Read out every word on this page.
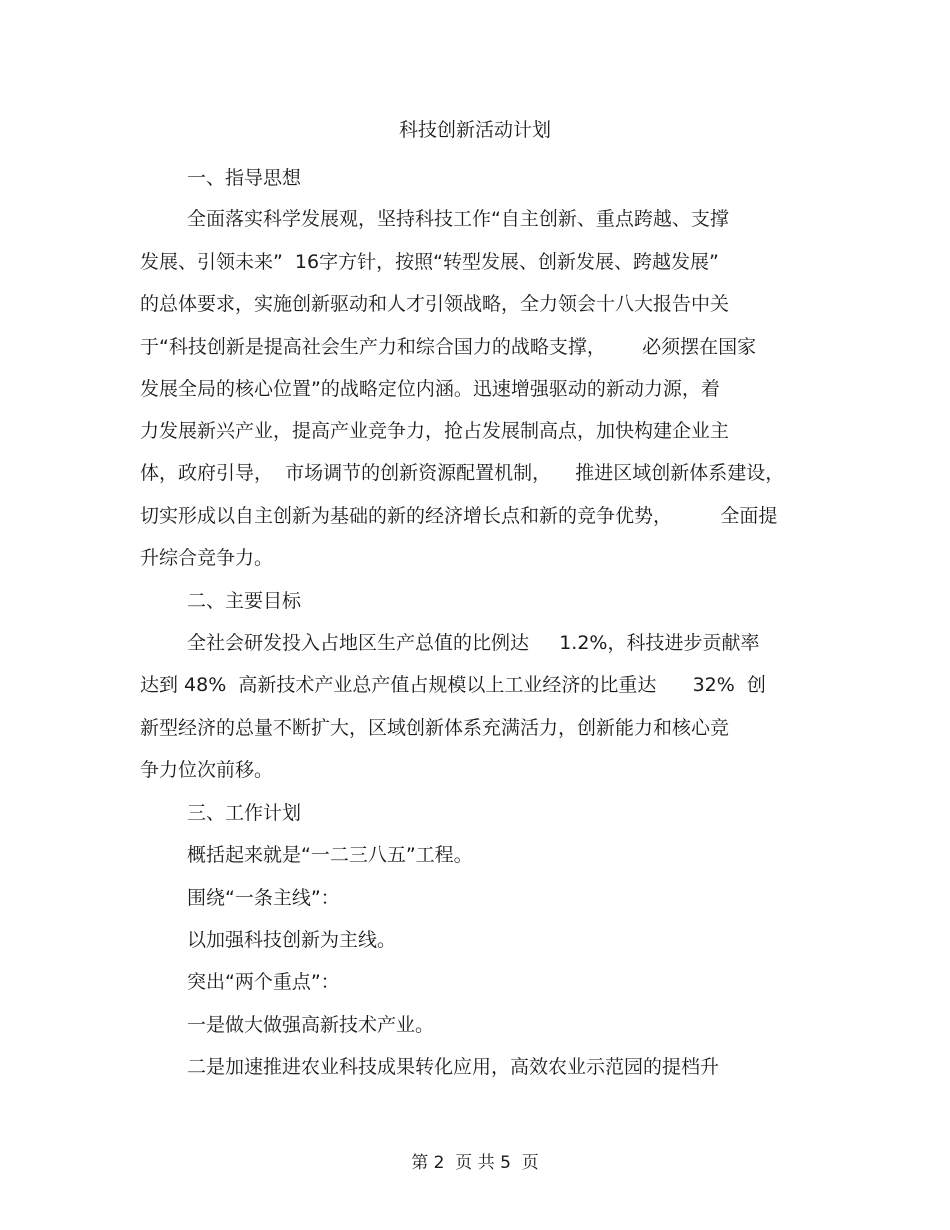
科技创新活动计划

一、指导思想

全面落实科学发展观，坚持科技工作“自主创新、重点跨越、支撑

发展、引领未来”  16字方针，按照“转型发展、创新发展、跨越发展”

的总体要求，实施创新驱动和人才引领战略，全力领会十八大报告中关

于“科技创新是提高社会生产力和综合国力的战略支撑，      必须摆在国家

发展全局的核心位置”的战略定位内涵。迅速增强驱动的新动力源，着

力发展新兴产业，提高产业竞争力，抢占发展制高点，加快构建企业主

体，政府引导，  市场调节的创新资源配置机制，    推进区域创新体系建设，

切实形成以自主创新为基础的新的经济增长点和新的竞争优势，        全面提

升综合竞争力。

二、主要目标

全社会研发投入占地区生产总值的比例达     1.2%，科技进步贡献率

达到 48%  高新技术产业总产值占规模以上工业经济的比重达      32%  创

新型经济的总量不断扩大，区域创新体系充满活力，创新能力和核心竞

争力位次前移。

三、工作计划

概括起来就是“一二三八五”工程。

围绕“一条主线”：

以加强科技创新为主线。

突出“两个重点”：

一是做大做强高新技术产业。

二是加速推进农业科技成果转化应用，高效农业示范园的提档升

第 2  页 共 5  页
